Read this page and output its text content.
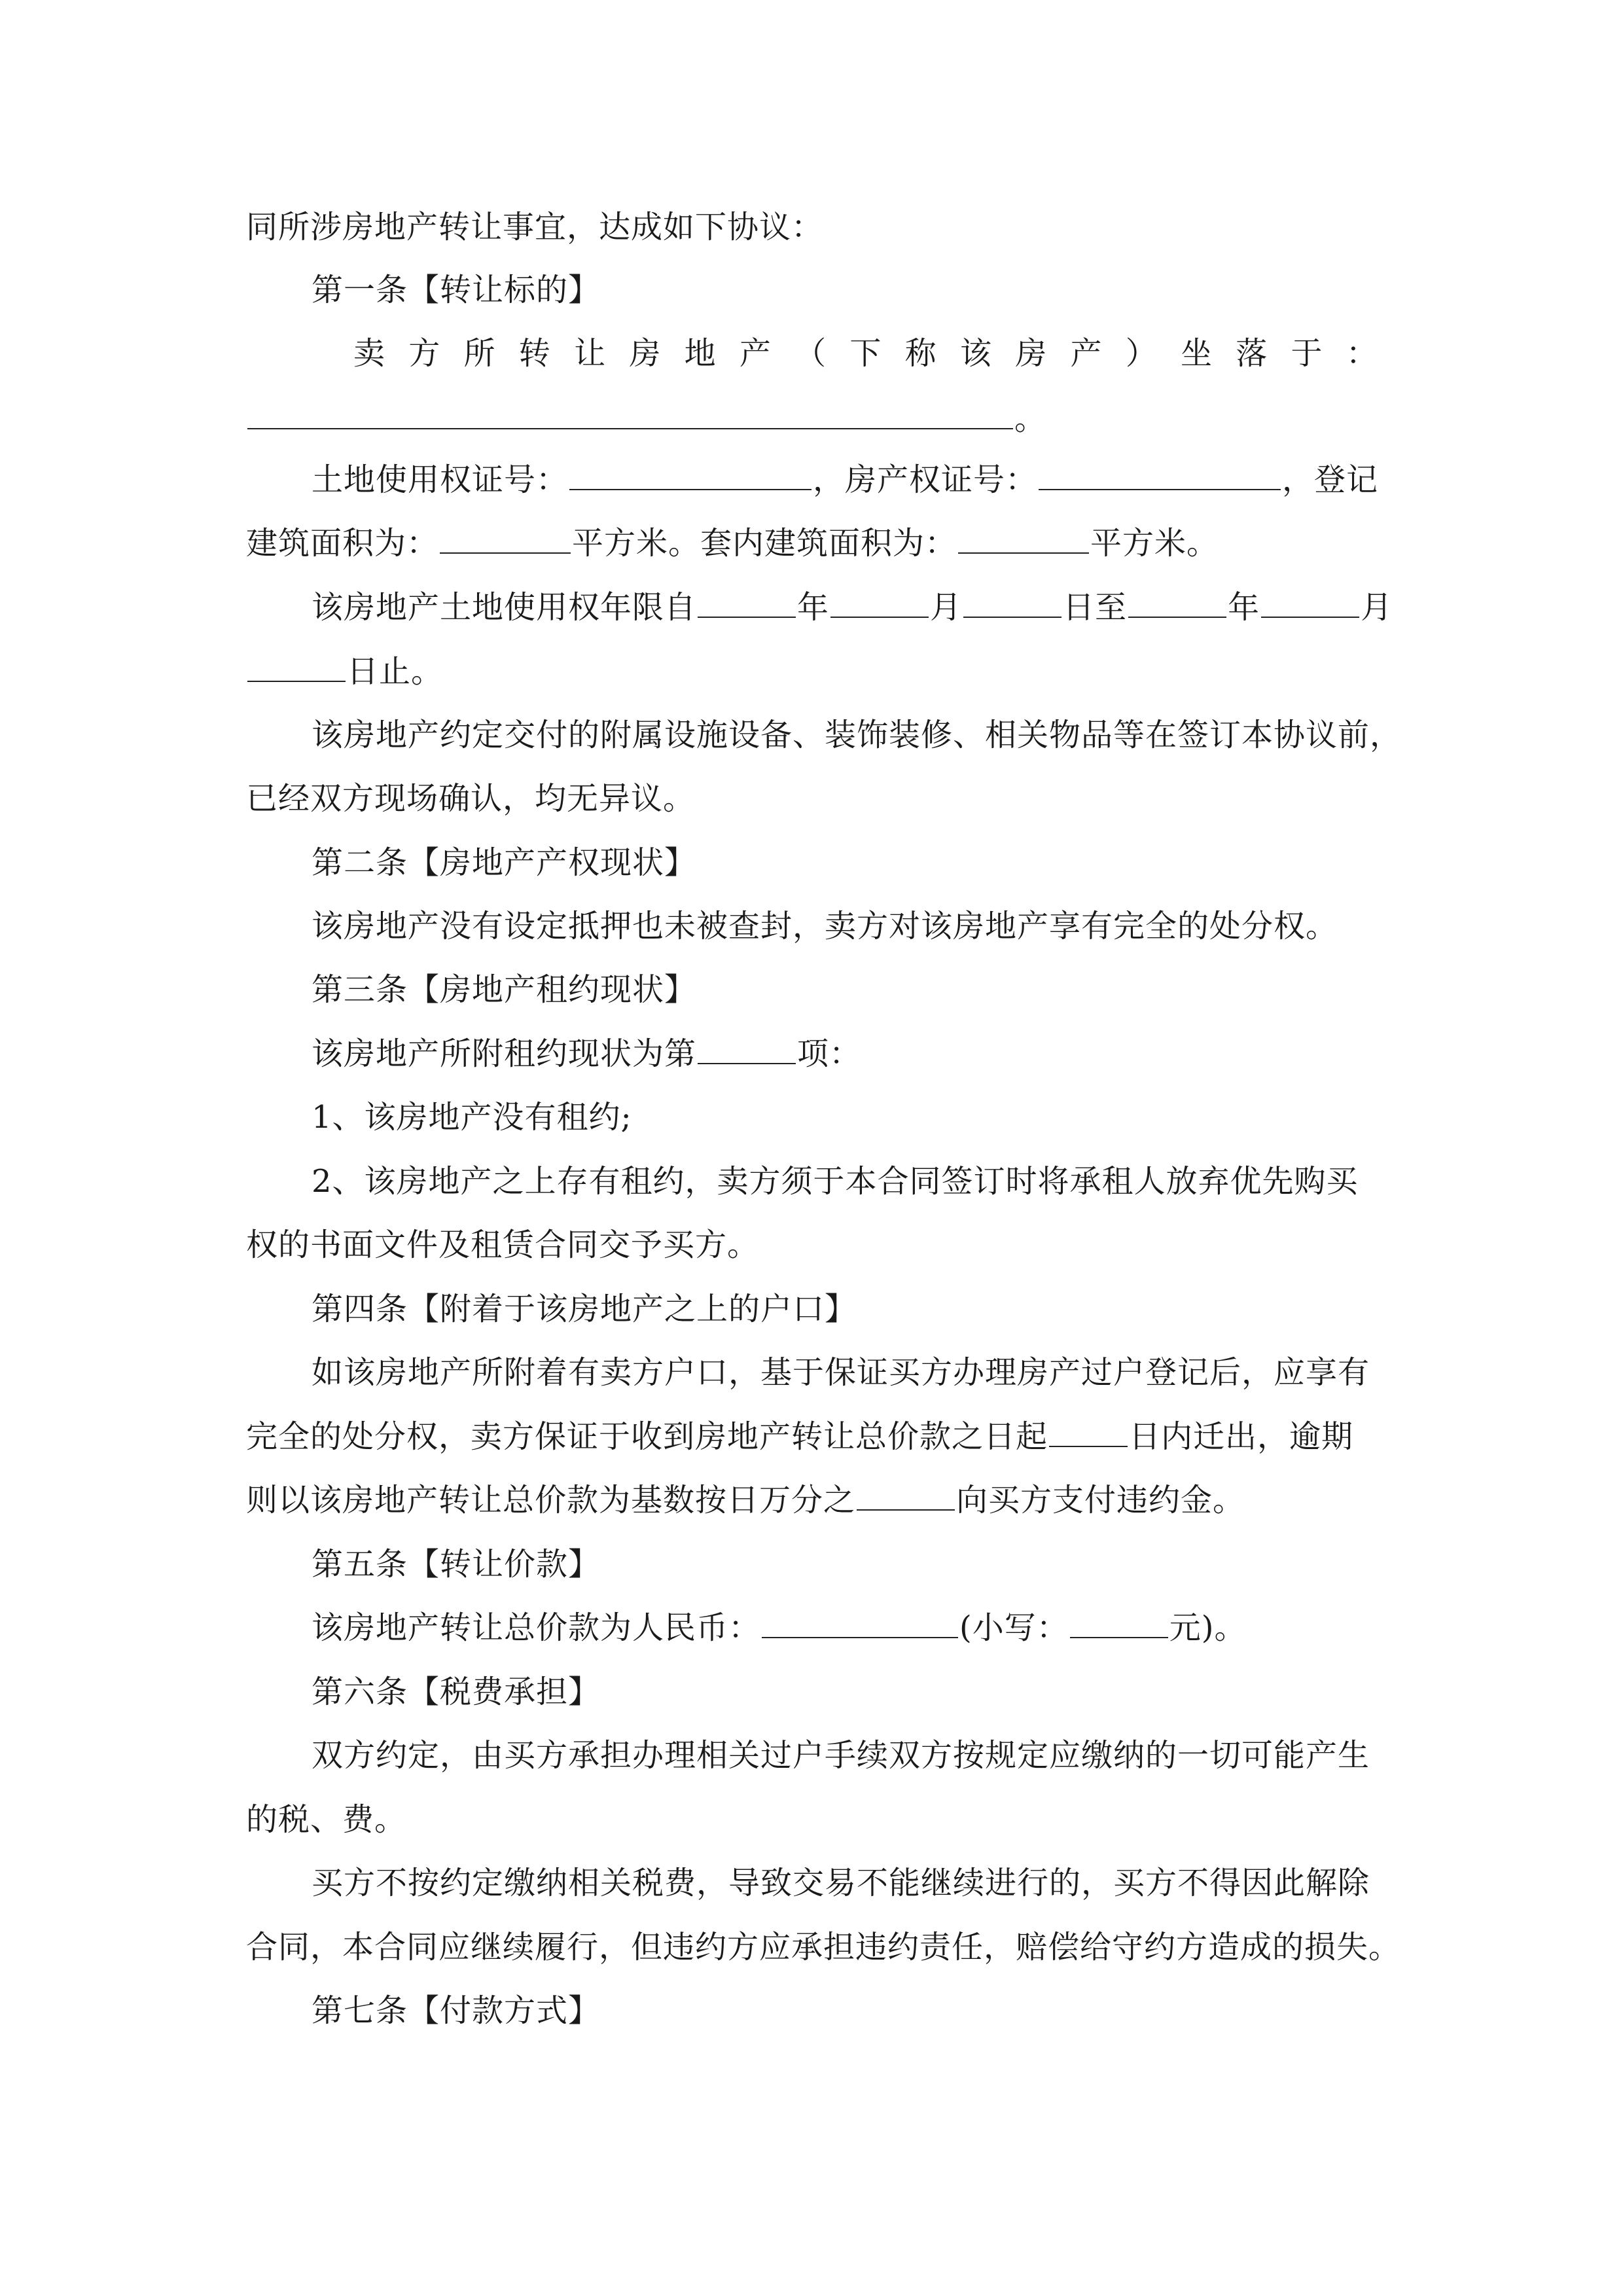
同所涉房地产转让事宜，达成如下协议：
第一条【转让标的】
卖 方 所 转 让 房 地 产 （ 下 称 该 房 产 ） 坐 落 于 ：
。
土地使用权证号：	，房产权证号：	，登记
建筑面积为：	平方米。套内建筑面积为：	平方米。
该房地产土地使用权年限自	年	月	日至	年	月
日止。
该房地产约定交付的附属设施设备、装饰装修、相关物品等在签订本协议前，
已经双方现场确认，均无异议。
第二条【房地产产权现状】
该房地产没有设定抵押也未被查封，卖方对该房地产享有完全的处分权。
第三条【房地产租约现状】
该房地产所附租约现状为第	项：
1、该房地产没有租约;
2、该房地产之上存有租约，卖方须于本合同签订时将承租人放弃优先购买
权的书面文件及租赁合同交予买方。
第四条【附着于该房地产之上的户口】
如该房地产所附着有卖方户口，基于保证买方办理房产过户登记后，应享有
完全的处分权，卖方保证于收到房地产转让总价款之日起	日内迁出，逾期
则以该房地产转让总价款为基数按日万分之	向买方支付违约金。
第五条【转让价款】
该房地产转让总价款为人民币：	(小写：	元)。
第六条【税费承担】
双方约定，由买方承担办理相关过户手续双方按规定应缴纳的一切可能产生
的税、费。
买方不按约定缴纳相关税费，导致交易不能继续进行的，买方不得因此解除
合同，本合同应继续履行，但违约方应承担违约责任，赔偿给守约方造成的损失。
第七条【付款方式】
